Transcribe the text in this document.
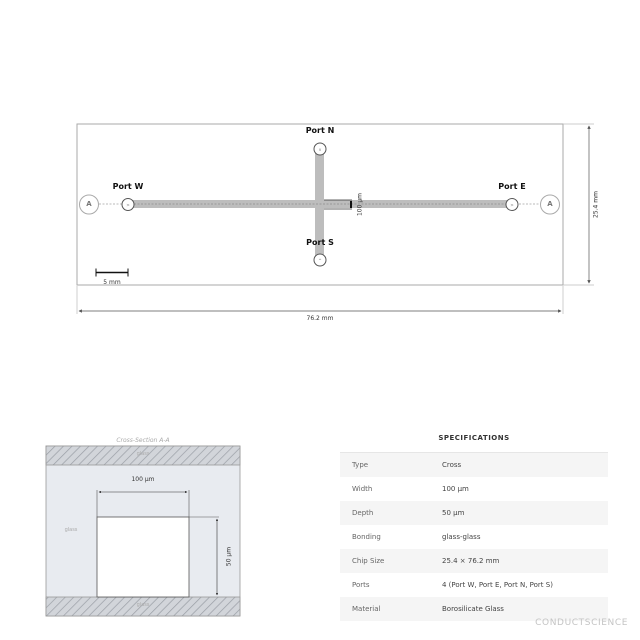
>	>
v
^
Port N
Port S
Port W	Port E
A	A
100 µm
5 mm
25.4 mm
76.2 mm
Cross-Section A-A
glass
glass
glass
100 µm
50 µm
SPECIFICATIONS
Type	Cross
Width	100 µm
Depth	50 µm
Bonding	glass-glass
Chip Size	25.4 × 76.2 mm
Ports	4 (Port W, Port E, Port N, Port S)
Material	Borosilicate Glass
CONDUCTSCIENCE
